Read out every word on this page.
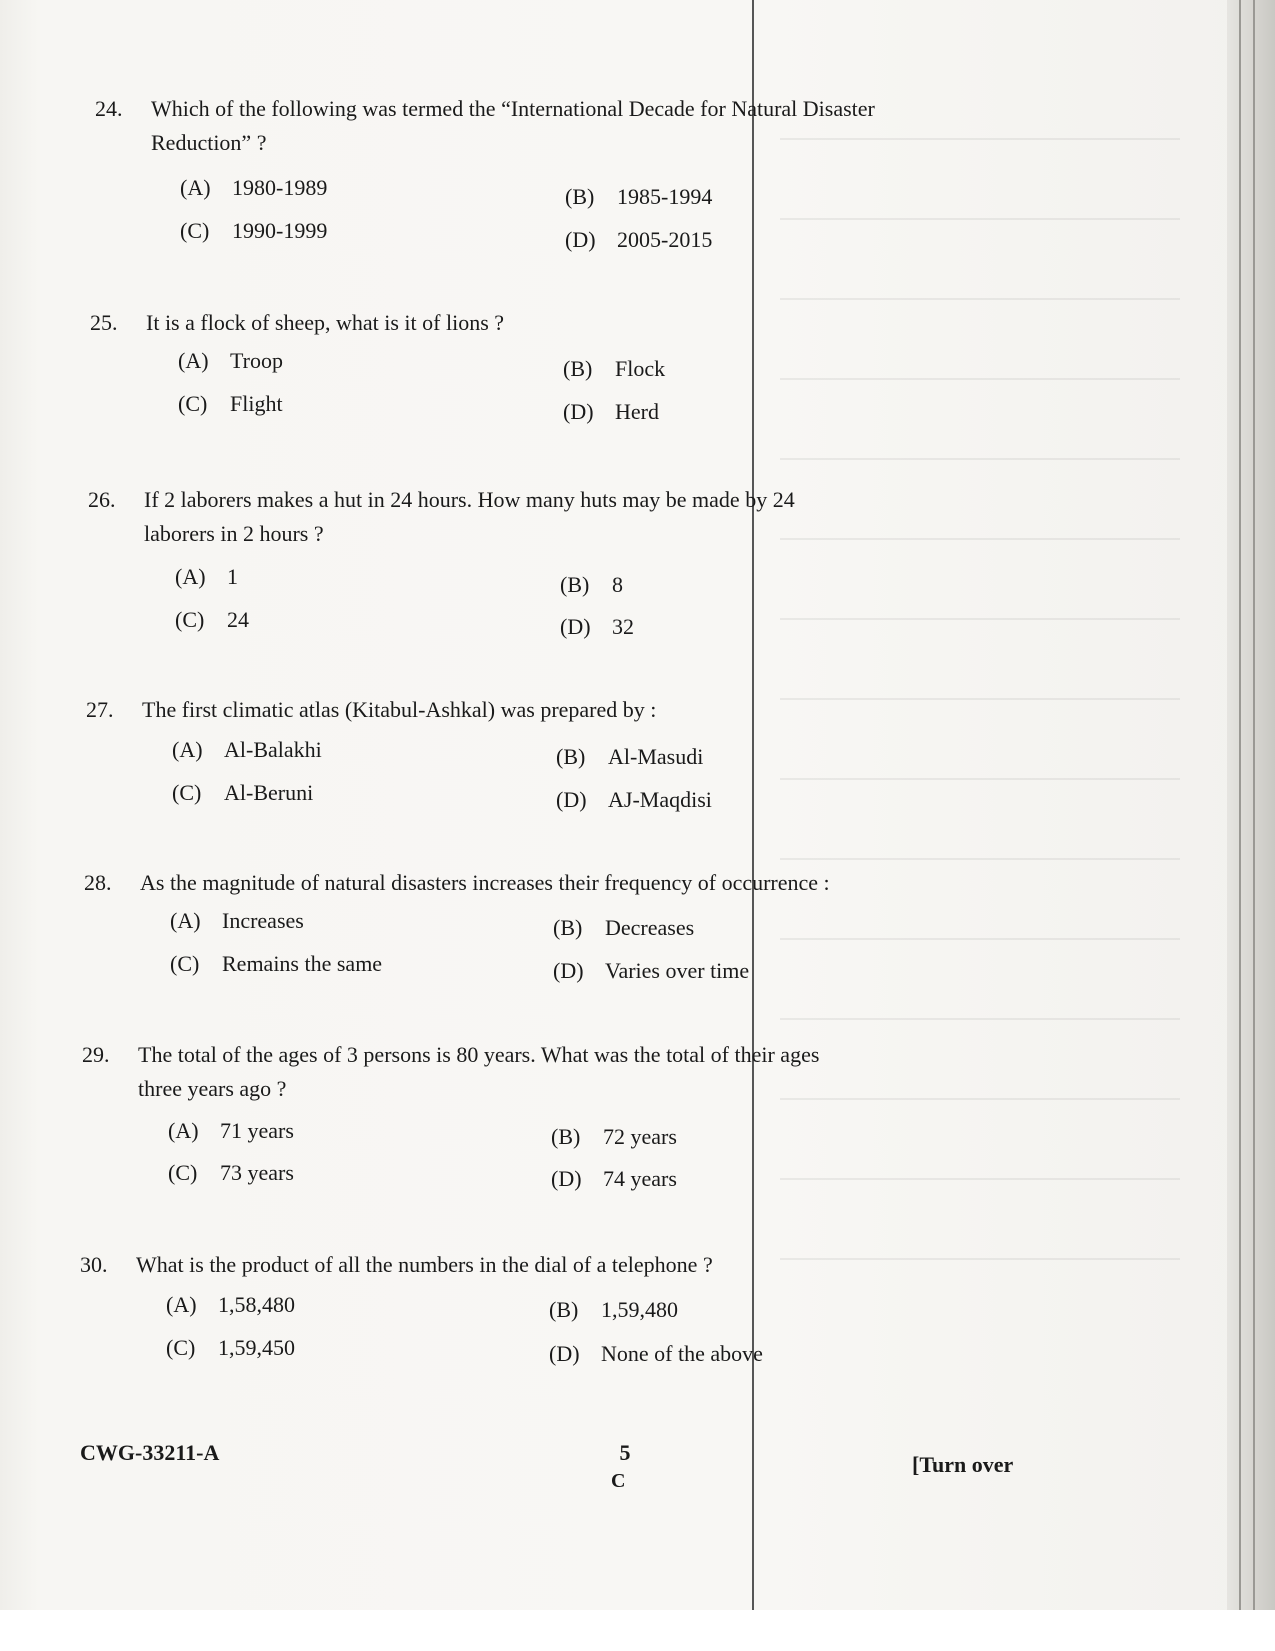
24.	Which of the following was termed the “International Decade for Natural Disaster Reduction” ?
(A) 1980-1989	(B) 1985-1994
(C) 1990-1999	(D) 2005-2015
25.	It is a flock of sheep, what is it of lions ?
(A) Troop	(B) Flock
(C) Flight	(D) Herd
26.	If 2 laborers makes a hut in 24 hours. How many huts may be made by 24 laborers in 2 hours ?
(A) 1	(B) 8
(C) 24	(D) 32
27.	The first climatic atlas (Kitabul-Ashkal) was prepared by :
(A) Al-Balakhi	(B) Al-Masudi
(C) Al-Beruni	(D) AJ-Maqdisi
28.	As the magnitude of natural disasters increases their frequency of occurrence :
(A) Increases	(B) Decreases
(C) Remains the same	(D) Varies over time
29.	The total of the ages of 3 persons is 80 years. What was the total of their ages three years ago ?
(A) 71 years	(B) 72 years
(C) 73 years	(D) 74 years
30.	What is the product of all the numbers in the dial of a telephone ?
(A) 1,58,480	(B) 1,59,480
(C) 1,59,450	(D) None of the above
CWG-33211-A	5
C
[Turn over
